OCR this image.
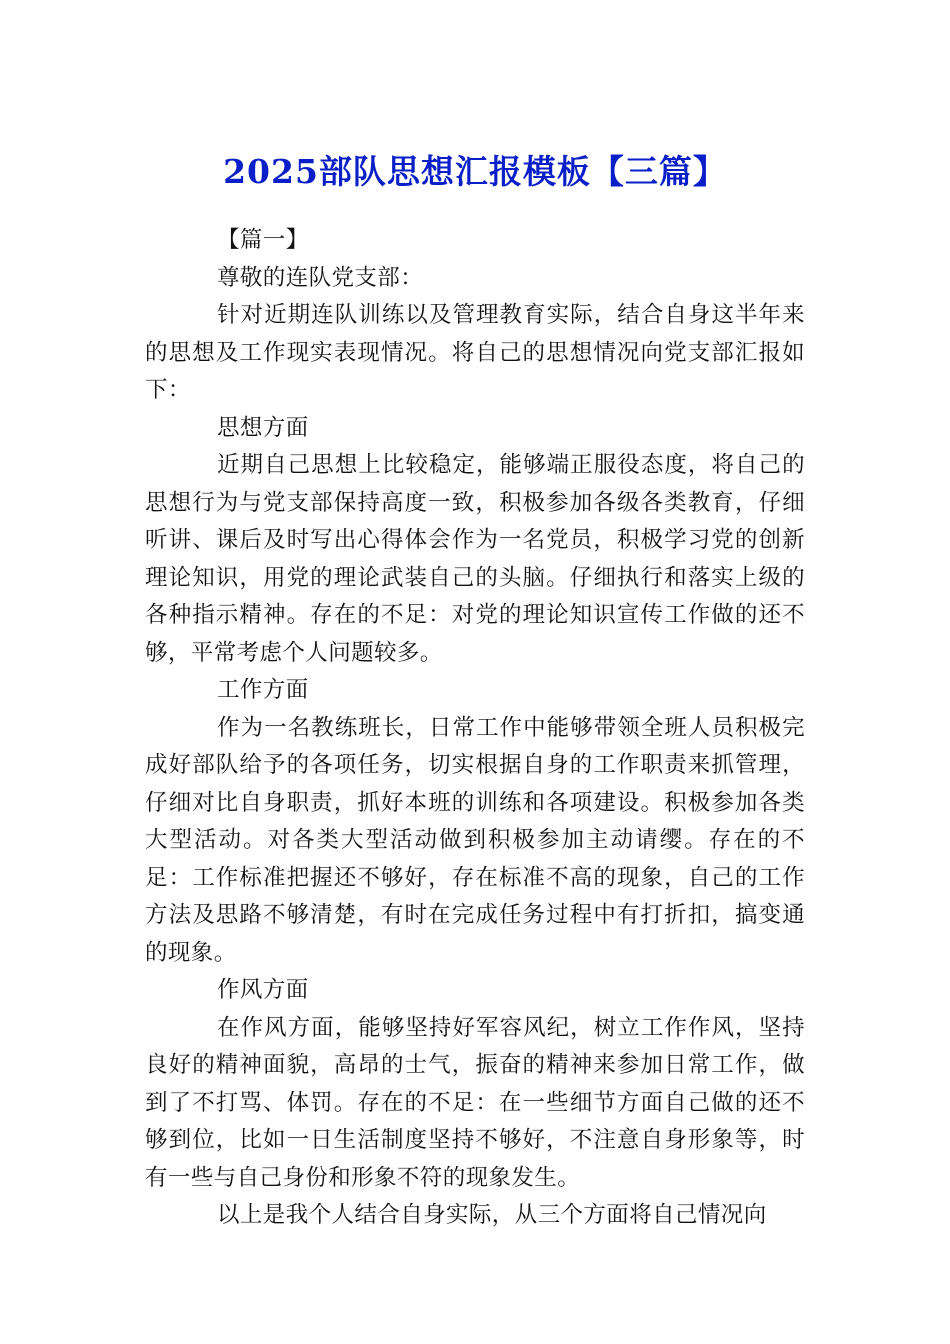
2025部队思想汇报模板【三篇】

【篇一】

尊敬的连队党支部：

针对近期连队训练以及管理教育实际，结合自身这半年来的思想及工作现实表现情况。将自己的思想情况向党支部汇报如下：

思想方面

近期自己思想上比较稳定，能够端正服役态度，将自己的思想行为与党支部保持高度一致，积极参加各级各类教育，仔细听讲、课后及时写出心得体会作为一名党员，积极学习党的创新理论知识，用党的理论武装自己的头脑。仔细执行和落实上级的各种指示精神。存在的不足：对党的理论知识宣传工作做的还不够，平常考虑个人问题较多。

工作方面

作为一名教练班长，日常工作中能够带领全班人员积极完成好部队给予的各项任务，切实根据自身的工作职责来抓管理，仔细对比自身职责，抓好本班的训练和各项建设。积极参加各类大型活动。对各类大型活动做到积极参加主动请缨。存在的不足：工作标准把握还不够好，存在标准不高的现象，自己的工作方法及思路不够清楚，有时在完成任务过程中有打折扣，搞变通的现象。

作风方面

在作风方面，能够坚持好军容风纪，树立工作作风，坚持良好的精神面貌，高昂的士气，振奋的精神来参加日常工作，做到了不打骂、体罚。存在的不足：在一些细节方面自己做的还不够到位，比如一日生活制度坚持不够好，不注意自身形象等，时有一些与自己身份和形象不符的现象发生。

以上是我个人结合自身实际，从三个方面将自己情况向
